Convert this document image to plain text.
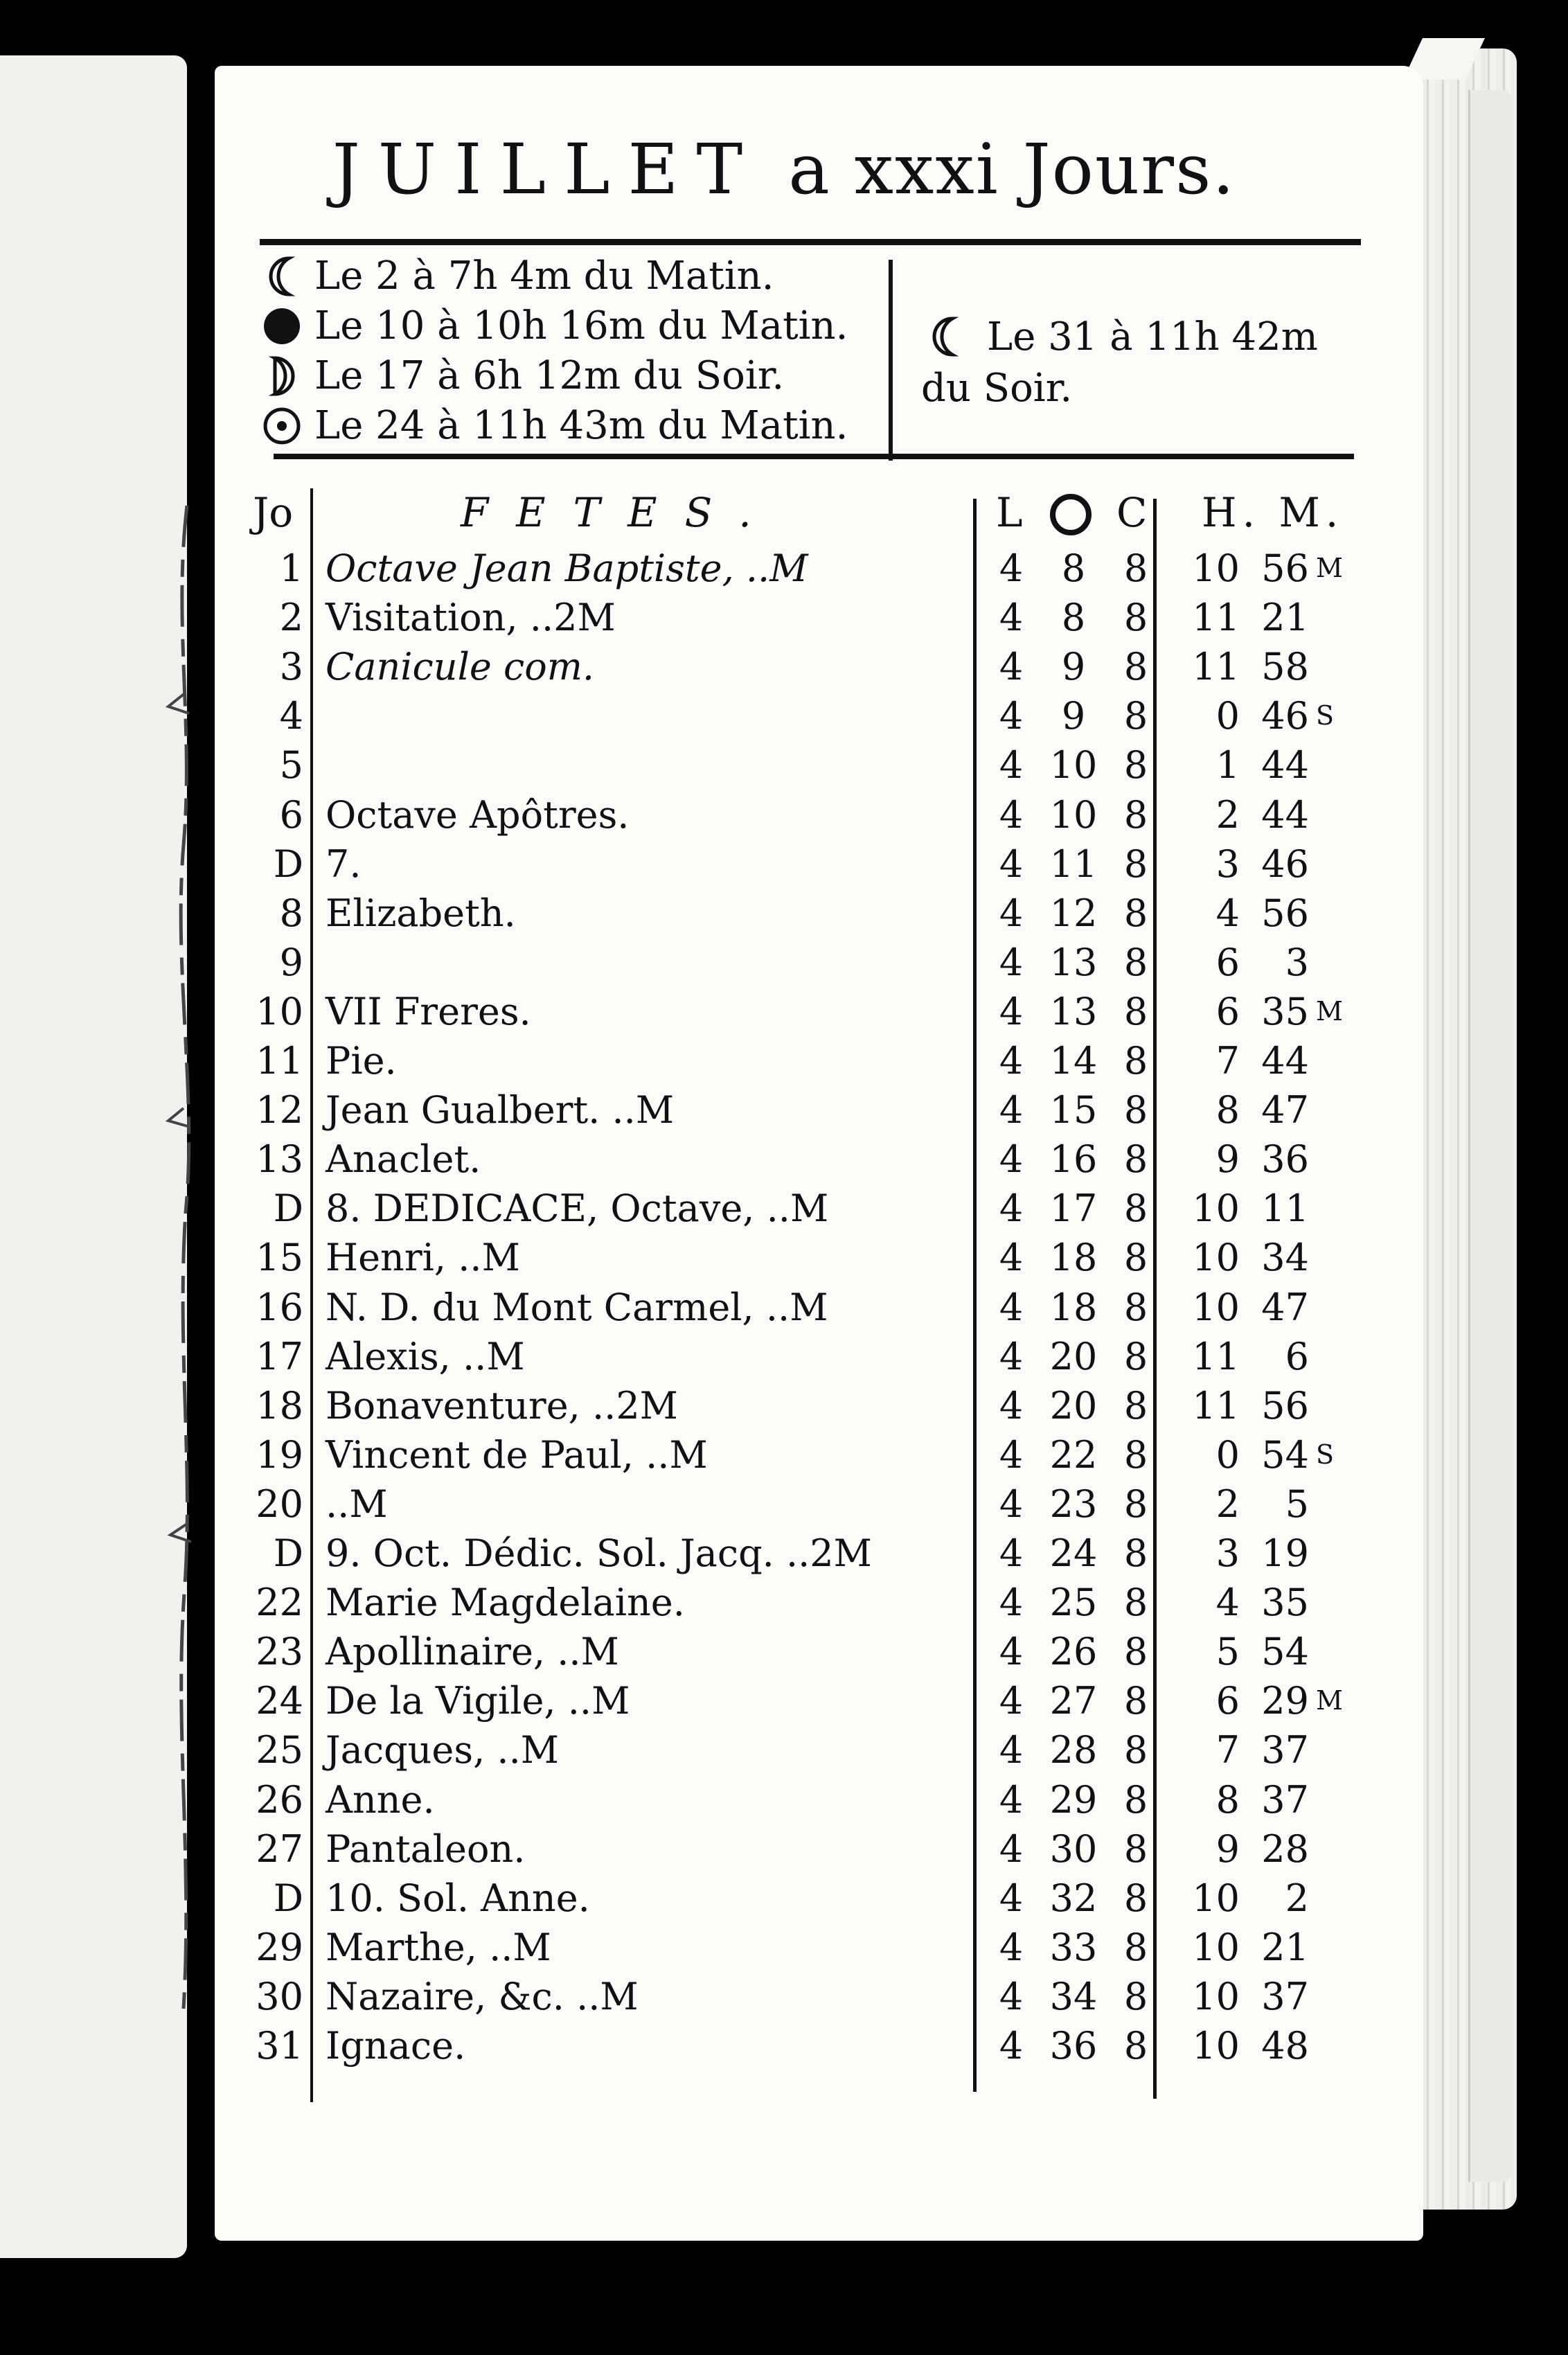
JUILLET a xxxi Jours.
Le 2 à 7h 4m du Matin.
Le 10 à 10h 16m du Matin.
Le 17 à 6h 12m du Soir.
Le 24 à 11h 43m du Matin.

Le 31 à 11h 42m

du Soir.

Jo	FETES.	L C H. M.
1 Octave Jean Baptiste, ..M	4	8	8	10 56 M
2 Visitation, ..2M	4	8	8	11 21
3 Canicule com.	4	9	8	11 58
4	4	9	8	0 46 S
5	4 10 8	1 44
6 Octave Apôtres.	4 10 8	2 44
D 7.	4 11 8	3 46
8 Elizabeth.	4 12 8	4 56
9	4 13 8	6	3
10 VII Freres.	4 13 8	6 35 M
11 Pie.	4 14 8	7 44
12 Jean Gualbert. ..M	4 15 8	8 47
13 Anaclet.	4 16 8	9 36
D 8. DEDICACE, Octave, ..M	4 17 8	10 11
15 Henri, ..M	4 18 8	10 34
16 N. D. du Mont Carmel, ..M	4 18 8	10 47
17 Alexis, ..M	4 20 8	11	6
18 Bonaventure, ..2M	4 20 8	11 56
19 Vincent de Paul, ..M	4 22 8	0 54 S
20 ..M	4 23 8	2	5
D 9. Oct. Dédic. Sol. Jacq. ..2M	4 24 8	3 19
22 Marie Magdelaine.	4 25 8	4 35
23 Apollinaire, ..M	4 26 8	5 54
24 De la Vigile, ..M	4 27 8	6 29 M
25 Jacques, ..M	4 28 8	7 37
26 Anne.	4 29 8	8 37
27 Pantaleon.	4 30 8	9 28
D 10. Sol. Anne.	4 32 8	10	2
29 Marthe, ..M	4 33 8	10 21
30 Nazaire, &c. ..M	4 34 8	10 37
31 Ignace.	4 36 8	10 48
